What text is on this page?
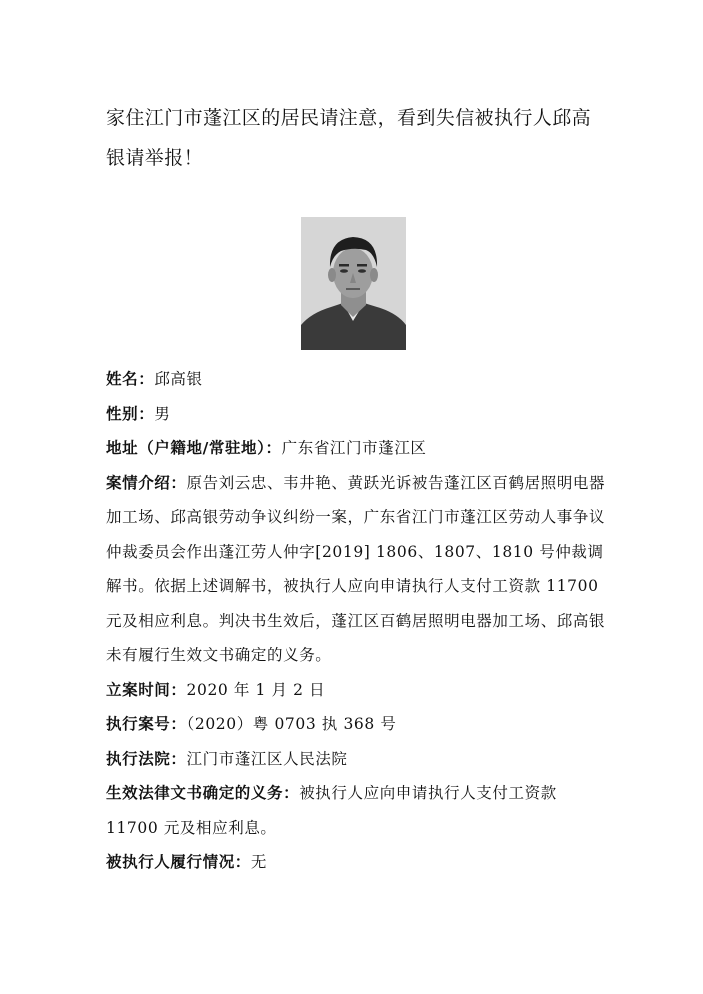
家住江门市蓬江区的居民请注意，看到失信被执行人邱高银请举报！

姓名：邱高银

性别：男

地址（户籍地/常驻地）：广东省江门市蓬江区

案情介绍：原告刘云忠、韦井艳、黄跃光诉被告蓬江区百鹤居照明电器加工场、邱高银劳动争议纠纷一案，广东省江门市蓬江区劳动人事争议仲裁委员会作出蓬江劳人仲字[2019] 1806、1807、1810 号仲裁调解书。依据上述调解书，被执行人应向申请执行人支付工资款 11700 元及相应利息。判决书生效后，蓬江区百鹤居照明电器加工场、邱高银未有履行生效文书确定的义务。

立案时间：2020 年 1 月 2 日

执行案号：（2020）粤 0703 执 368 号

执行法院：江门市蓬江区人民法院

生效法律文书确定的义务：被执行人应向申请执行人支付工资款 11700 元及相应利息。

被执行人履行情况：无
